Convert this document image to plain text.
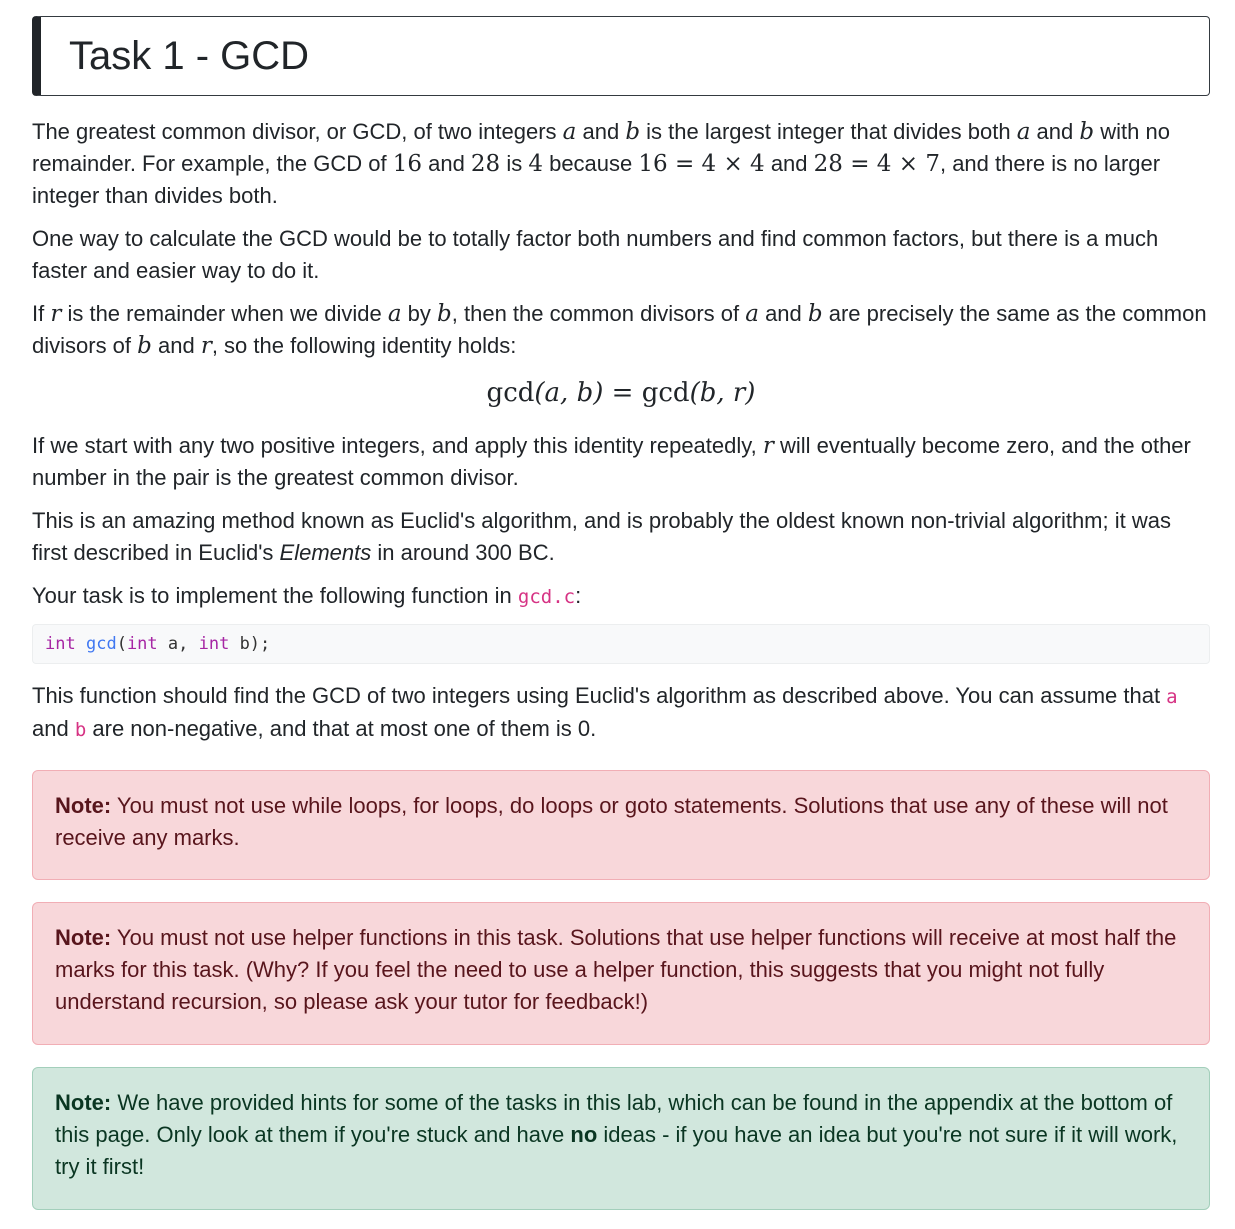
Task 1 - GCD

The greatest common divisor, or GCD, of two integers a and b is the largest integer that divides both a and b with no remainder. For example, the GCD of 16 and 28 is 4 because 16 = 4 × 4 and 28 = 4 × 7, and there is no larger integer than divides both.

One way to calculate the GCD would be to totally factor both numbers and find common factors, but there is a much faster and easier way to do it.

If r is the remainder when we divide a by b, then the common divisors of a and b are precisely the same as the common divisors of b and r, so the following identity holds:

gcd(a, b) = gcd(b, r)

If we start with any two positive integers, and apply this identity repeatedly, r will eventually become zero, and the other number in the pair is the greatest common divisor.

This is an amazing method known as Euclid's algorithm, and is probably the oldest known non-trivial algorithm; it was first described in Euclid's Elements in around 300 BC.

Your task is to implement the following function in gcd.c:

int gcd(int a, int b);

This function should find the GCD of two integers using Euclid's algorithm as described above. You can assume that a and b are non-negative, and that at most one of them is 0.

Note: You must not use while loops, for loops, do loops or goto statements. Solutions that use any of these will not receive any marks.

Note: You must not use helper functions in this task. Solutions that use helper functions will receive at most half the marks for this task. (Why? If you feel the need to use a helper function, this suggests that you might not fully understand recursion, so please ask your tutor for feedback!)

Note: We have provided hints for some of the tasks in this lab, which can be found in the appendix at the bottom of this page. Only look at them if you're stuck and have no ideas - if you have an idea but you're not sure if it will work, try it first!
